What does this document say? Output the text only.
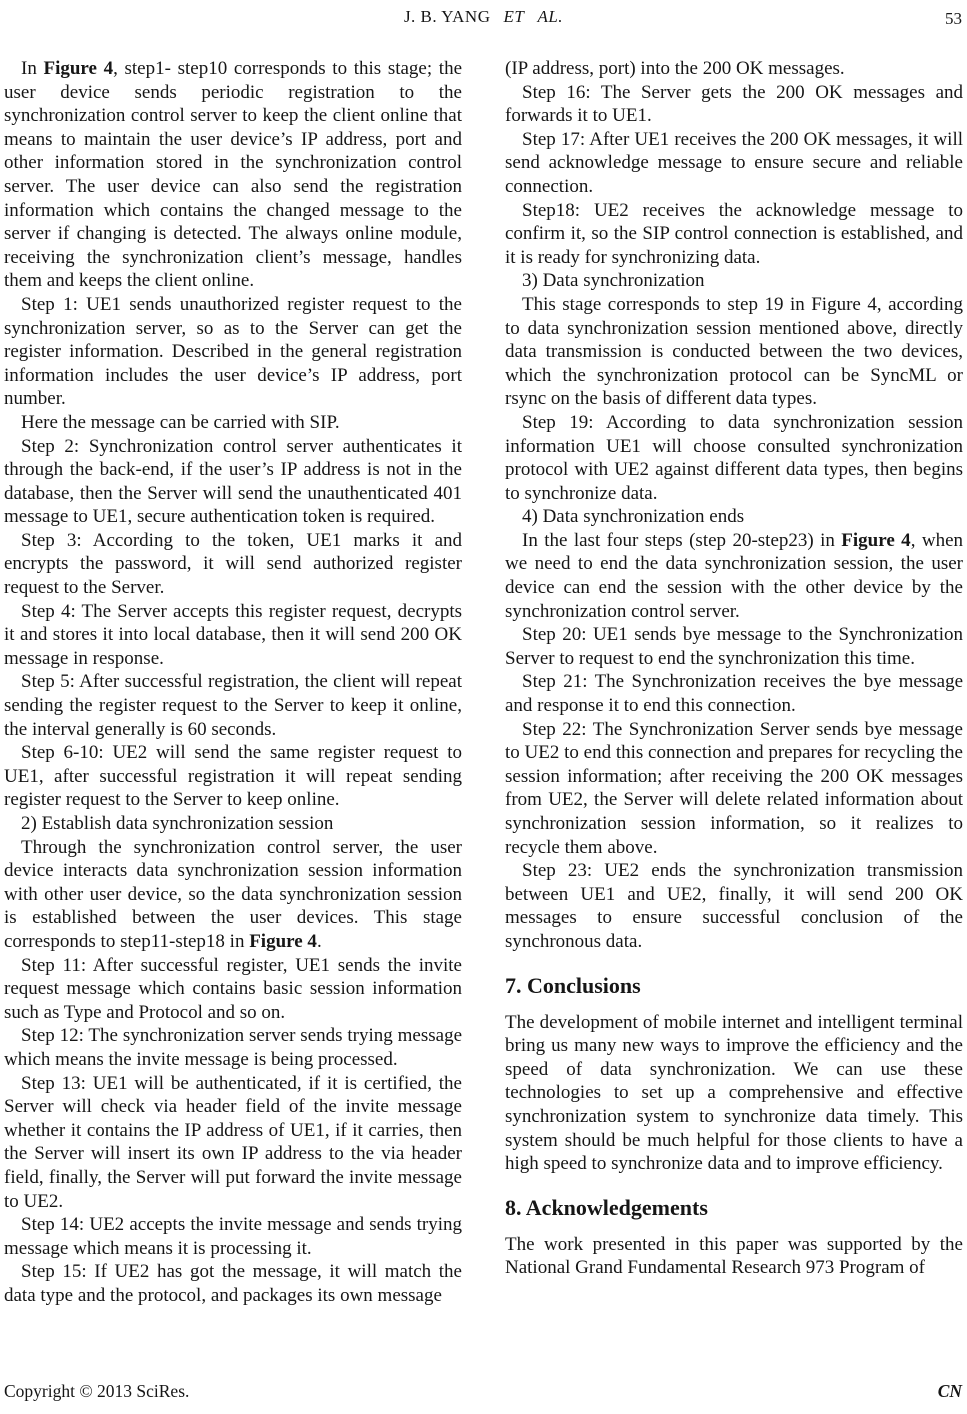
J. B. YANG ET AL.	53

In Figure 4, step1- step10 corresponds to this stage; the user device sends periodic registration to the synchronization control server to keep the client online that means to maintain the user device’s IP address, port and other information stored in the synchronization control server. The user device can also send the registration information which contains the changed message to the server if changing is detected. The always online module, receiving the synchronization client’s message, handles them and keeps the client online.

Step 1: UE1 sends unauthorized register request to the synchronization server, so as to the Server can get the register information. Described in the general registration information includes the user device’s IP address, port number.

Here the message can be carried with SIP.

Step 2: Synchronization control server authenticates it through the back-end, if the user’s IP address is not in the database, then the Server will send the unauthenticated 401 message to UE1, secure authentication token is required.

Step 3: According to the token, UE1 marks it and encrypts the password, it will send authorized register request to the Server.

Step 4: The Server accepts this register request, decrypts it and stores it into local database, then it will send 200 OK message in response.

Step 5: After successful registration, the client will repeat sending the register request to the Server to keep it online, the interval generally is 60 seconds.

Step 6-10: UE2 will send the same register request to UE1, after successful registration it will repeat sending register request to the Server to keep online.

2) Establish data synchronization session

Through the synchronization control server, the user device interacts data synchronization session information with other user device, so the data synchronization session is established between the user devices. This stage corresponds to step11-step18 in Figure 4.

Step 11: After successful register, UE1 sends the invite request message which contains basic session information such as Type and Protocol and so on.

Step 12: The synchronization server sends trying message which means the invite message is being processed.

Step 13: UE1 will be authenticated, if it is certified, the Server will check via header field of the invite message whether it contains the IP address of UE1, if it carries, then the Server will insert its own IP address to the via header field, finally, the Server will put forward the invite message to UE2.

Step 14: UE2 accepts the invite message and sends trying message which means it is processing it.

Step 15: If UE2 has got the message, it will match the data type and the protocol, and packages its own message

(IP address, port) into the 200 OK messages.

Step 16: The Server gets the 200 OK messages and forwards it to UE1.

Step 17: After UE1 receives the 200 OK messages, it will send acknowledge message to ensure secure and reliable connection.

Step18: UE2 receives the acknowledge message to confirm it, so the SIP control connection is established, and it is ready for synchronizing data.

3) Data synchronization

This stage corresponds to step 19 in Figure 4, according to data synchronization session mentioned above, directly data transmission is conducted between the two devices, which the synchronization protocol can be SyncML or rsync on the basis of different data types.

Step 19: According to data synchronization session information UE1 will choose consulted synchronization protocol with UE2 against different data types, then begins to synchronize data.

4) Data synchronization ends

In the last four steps (step 20-step23) in Figure 4, when we need to end the data synchronization session, the user device can end the session with the other device by the synchronization control server.

Step 20: UE1 sends bye message to the Synchronization Server to request to end the synchronization this time.

Step 21: The Synchronization receives the bye message and response it to end this connection.

Step 22: The Synchronization Server sends bye message to UE2 to end this connection and prepares for recycling the session information; after receiving the 200 OK messages from UE2, the Server will delete related information about synchronization session information, so it realizes to recycle them above.

Step 23: UE2 ends the synchronization transmission between UE1 and UE2, finally, it will send 200 OK messages to ensure successful conclusion of the synchronous data.

7. Conclusions

The development of mobile internet and intelligent terminal bring us many new ways to improve the efficiency and the speed of data synchronization. We can use these technologies to set up a comprehensive and effective synchronization system to synchronize data timely. This system should be much helpful for those clients to have a high speed to synchronize data and to improve efficiency.

8. Acknowledgements

The work presented in this paper was supported by the National Grand Fundamental Research 973 Program of

Copyright © 2013 SciRes.	CN
